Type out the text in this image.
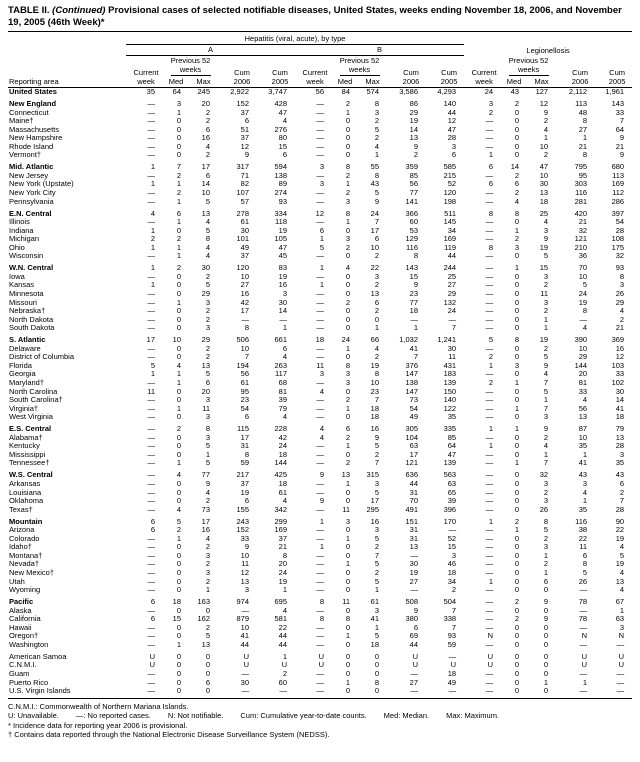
TABLE II. (Continued) Provisional cases of selected notifiable diseases, United States, weeks ending November 18, 2006, and November 19, 2005 (46th Week)*
Reporting area	Hepatitis (viral, acute), by type														
	A					B					Legionellosis				

	Current week	Previous 52 weeks		Cum 2006	Cum 2005	Current week	Previous 52 weeks		Cum 2006	Cum 2005	Current week	Previous 52 weeks		Cum 2006	Cum 2005

		Med	Max				Med	Max				Med	Max		
United States	35	64	245	2,922	3,747	56	84	574	3,586	4,293	24	43	127	2,112	1,961
New England	—	3	20	152	428	—	2	8	86	140	3	2	12	113	143
Connecticut	—	1	2	37	47	—	1	3	29	44	2	0	9	48	33
Maine†	—	0	2	6	4	—	0	2	19	12	—	0	2	8	7
Massachusetts	—	0	6	51	276	—	0	5	14	47	—	0	4	27	64
New Hampshire	—	0	16	37	80	—	0	2	13	28	—	0	1	1	9
Rhode Island	—	0	4	12	15	—	0	4	9	3	—	0	10	21	21
Vermont†	—	0	2	9	6	—	0	1	2	6	1	0	2	8	9
Mid. Atlantic	1	7	17	317	594	3	8	55	359	585	6	14	47	795	680
New Jersey	—	2	6	71	138	—	2	8	85	215	—	2	10	95	113
New York (Upstate)	1	1	14	82	89	3	1	43	56	52	6	6	30	303	169
New York City	—	2	10	107	274	—	2	5	77	120	—	2	13	116	112
Pennsylvania	—	1	5	57	93	—	3	9	141	198	—	4	18	281	286
E.N. Central	4	6	13	278	334	12	8	24	366	511	8	8	25	420	397
Illinois	—	1	4	61	118	—	1	7	60	145	—	0	4	21	54
Indiana	1	0	5	30	19	6	0	17	53	34	—	1	3	32	28
Michigan	2	2	8	101	105	1	3	6	129	169	—	2	9	121	108
Ohio	1	1	4	49	47	5	2	10	116	119	8	3	19	210	175
Wisconsin	—	1	4	37	45	—	0	2	8	44	—	0	5	36	32
W.N. Central	1	2	30	120	83	1	4	22	143	244	—	1	15	70	93
Iowa	—	0	2	10	19	—	0	3	15	25	—	0	3	10	8
Kansas	1	0	5	27	16	1	0	2	9	27	—	0	2	5	3
Minnesota	—	0	29	16	3	—	0	13	23	29	—	0	11	24	26
Missouri	—	1	3	42	30	—	2	6	77	132	—	0	3	19	29
Nebraska†	—	0	2	17	14	—	0	2	18	24	—	0	2	8	4
North Dakota	—	0	2	—	—	—	0	0	—	—	—	0	1	—	2
South Dakota	—	0	3	8	1	—	0	1	1	7	—	0	1	4	21
S. Atlantic	17	10	29	506	661	18	24	66	1,032	1,241	5	8	19	390	369
Delaware	—	0	2	10	6	—	1	4	41	30	—	0	2	10	16
District of Columbia	—	0	2	7	4	—	0	2	7	11	2	0	5	29	12
Florida	5	4	13	194	263	11	8	19	376	431	1	3	9	144	103
Georgia	1	1	5	56	117	3	3	8	147	183	—	0	4	20	33
Maryland†	—	1	6	61	68	—	3	10	138	139	2	1	7	81	102
North Carolina	11	0	20	95	81	4	0	23	147	150	—	0	5	33	30
South Carolina†	—	0	3	23	39	—	2	7	73	140	—	0	1	4	14
Virginia†	—	1	11	54	79	—	1	18	54	122	—	1	7	56	41
West Virginia	—	0	3	6	4	—	0	18	49	35	—	0	3	13	18
E.S. Central	—	2	8	115	228	4	6	16	305	335	1	1	9	87	79
Alabama†	—	0	3	17	42	4	2	9	104	85	—	0	2	10	13
Kentucky	—	0	5	31	24	—	1	5	63	64	1	0	4	35	28
Mississippi	—	0	1	8	18	—	0	2	17	47	—	0	1	1	3
Tennessee†	—	1	5	59	144	—	2	7	121	139	—	1	7	41	35
W.S. Central	—	4	77	217	425	9	13	315	636	563	—	0	32	43	43
Arkansas	—	0	9	37	18	—	1	3	44	63	—	0	3	3	6
Louisiana	—	0	4	19	61	—	0	5	31	65	—	0	2	4	2
Oklahoma	—	0	2	6	4	9	0	17	70	39	—	0	3	1	7
Texas†	—	4	73	155	342	—	11	295	491	396	—	0	26	35	28
Mountain	6	5	17	243	299	1	3	16	151	170	1	2	8	116	90
Arizona	6	2	16	152	169	—	0	3	31	—	—	1	5	38	22
Colorado	—	1	4	33	37	—	1	5	31	52	—	0	2	22	19
Idaho†	—	0	2	9	21	1	0	2	13	15	—	0	3	11	4
Montana†	—	0	3	10	8	—	0	7	—	3	—	0	1	6	5
Nevada†	—	0	2	11	20	—	1	5	30	46	—	0	2	8	19
New Mexico†	—	0	3	12	24	—	0	2	19	18	—	0	1	5	4
Utah	—	0	2	13	19	—	0	5	27	34	1	0	6	26	13
Wyoming	—	0	1	3	1	—	0	1	—	2	—	0	0	—	4
Pacific	6	18	163	974	695	8	11	61	508	504	—	2	9	78	67
Alaska	—	0	0	—	4	—	0	3	9	7	—	0	0	—	1
California	6	15	162	879	581	8	8	41	380	338	—	2	9	78	63
Hawaii	—	0	2	10	22	—	0	1	6	7	—	0	0	—	3
Oregon†	—	0	5	41	44	—	1	5	69	93	N	0	0	N	N
Washington	—	1	13	44	44	—	0	18	44	59	—	0	0	—	—
American Samoa	U	0	0	U	1	U	0	0	U	—	U	0	0	U	U
C.N.M.I.	U	0	0	U	U	U	0	0	U	U	U	0	0	U	U
Guam	—	0	0	—	2	—	0	0	—	18	—	0	0	—	—
Puerto Rico	—	0	6	30	60	—	1	8	27	49	—	0	1	1	—
U.S. Virgin Islands	—	0	0	—	—	—	0	0	—	—	—	0	0	—	—
C.N.M.I.: Commonwealth of Northern Mariana Islands.
U: Unavailable. —: No reported cases. N: Not notifiable. Cum: Cumulative year-to-date counts. Med: Median. Max: Maximum.
* Incidence data for reporting year 2006 is provisional.
† Contains data reported through the National Electronic Disease Surveillance System (NEDSS).
